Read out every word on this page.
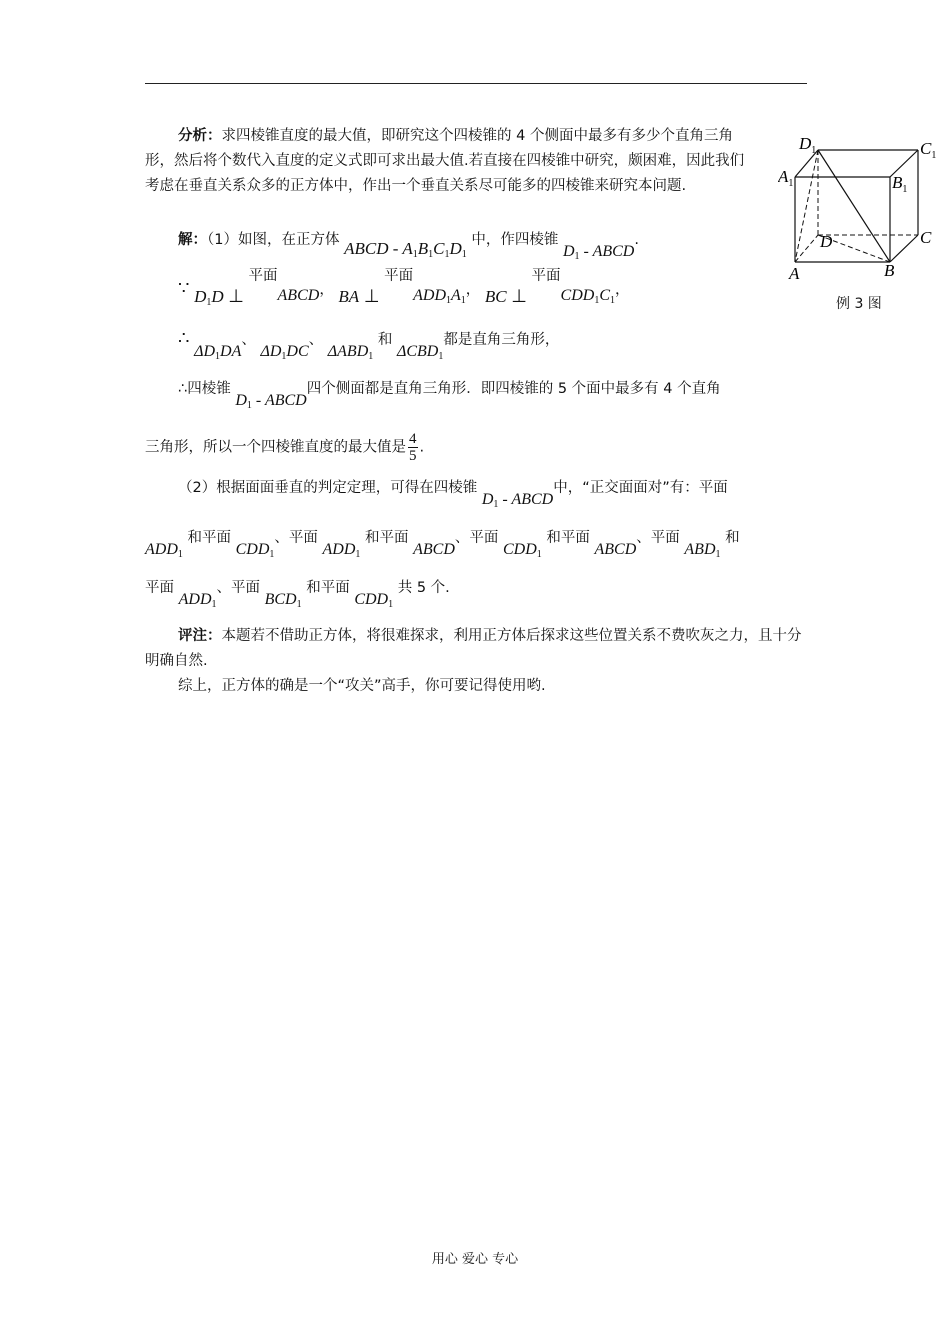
分析：求四棱锥直度的最大值，即研究这个四棱锥的 4 个侧面中最多有多少个直角三角形，然后将个数代入直度的定义式即可求出最大值.若直接在四棱锥中研究，颇困难，因此我们考虑在垂直关系众多的正方体中，作出一个垂直关系尽可能多的四棱锥来研究本问题.
解：（1）如图，在正方体 ABCD - $A_1B_1C_1D_1$ 中，作四棱锥 $D_1$ - ABCD.
∵ $D_1D$ ⊥ 平面ABCD， BA ⊥ 平面$ADD_1A_1$， BC ⊥ 平面$CDD_1C_1$，
∴ $\Delta D_1DA$、 $\Delta D_1DC$、 $\Delta ABD_1$ 和 $\Delta CBD_1$都是直角三角形，
∴四棱锥 $D_1$ - ABCD四个侧面都是直角三角形．即四棱锥的 5 个面中最多有 4 个直角
三角形，所以一个四棱锥直度的最大值是 $\frac{4}{5}$ .
（2）根据面面垂直的判定定理，可得在四棱锥 $D_1$ - ABCD中，“正交面面对”有：平面
$ADD_1$ 和平面 $CDD_1$、平面 $ADD_1$ 和平面 ABCD、平面 $CDD_1$ 和平面 ABCD、平面 $ABD_1$ 和
平面 $ADD_1$、平面 $BCD_1$ 和平面 $CDD_1$ 共 5 个.
评注：本题若不借助正方体，将很难探求，利用正方体后探求这些位置关系不费吹灰之力，且十分明确自然.
综上，正方体的确是一个“攻关”高手，你可要记得使用哟.
$D_1$	$C_1$
$A_1$	$B_1$
D	C
A	B
例 3 图
用心 爱心 专心
